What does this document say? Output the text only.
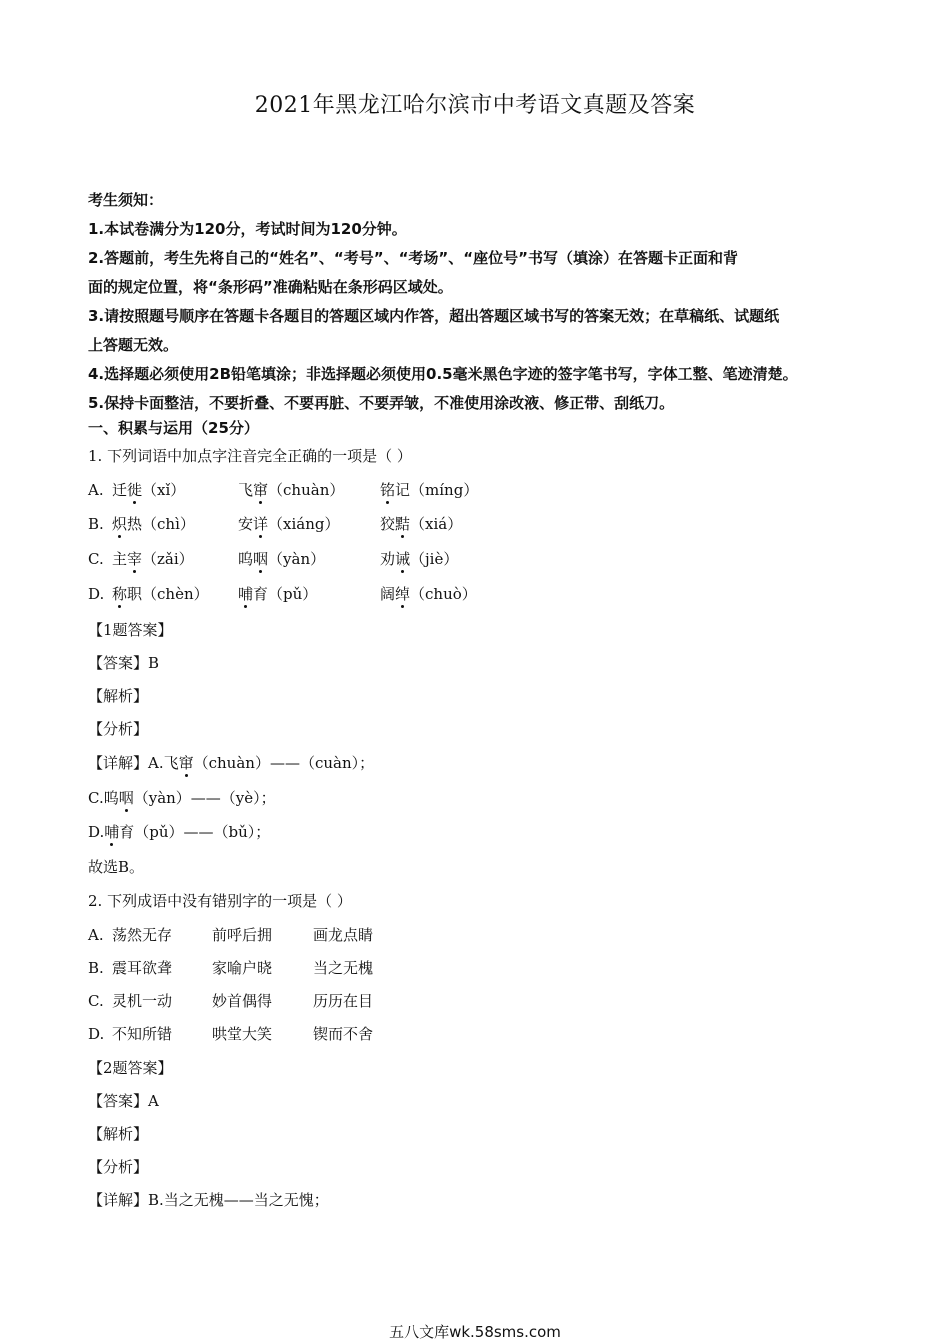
2021年黑龙江哈尔滨市中考语文真题及答案
考生须知：
1.本试卷满分为120分，考试时间为120分钟。
2.答题前，考生先将自己的“姓名”、“考号”、“考场”、“座位号”书写（填涂）在答题卡正面和背
面的规定位置，将“条形码”准确粘贴在条形码区域处。
3.请按照题号顺序在答题卡各题目的答题区域内作答，超出答题区域书写的答案无效；在草稿纸、试题纸
上答题无效。
4.选择题必须使用2B铅笔填涂；非选择题必须使用0.5毫米黑色字迹的签字笔书写，字体工整、笔迹清楚。
5.保持卡面整洁，不要折叠、不要再脏、不要弄皱，不准使用涂改液、修正带、刮纸刀。
一、积累与运用（25分）
1. 下列词语中加点字注音完全正确的一项是（ ）
A. 迁徙（xǐ）	飞窜（chuàn） 铭记（míng）
B. 炽热（chì）	安详（xiáng）	狡黠（xiá）
C. 主宰（zǎi）	呜咽（yàn）	劝诫（jiè）
D. 称职（chèn） 哺育（pǔ）	阔绰（chuò）
【1题答案】
【答案】B
【解析】
【分析】
【详解】A.飞窜（chuàn）——（cuàn）；
C.呜咽（yàn）——（yè）；
D.哺育（pǔ）——（bǔ）；
故选B。
2. 下列成语中没有错别字的一项是（ ）
A. 荡然无存	前呼后拥	画龙点睛
B. 震耳欲聋	家喻户晓	当之无槐
C. 灵机一动	妙首偶得	历历在目
D. 不知所错	哄堂大笑	锲而不舍
【2题答案】
【答案】A
【解析】
【分析】
【详解】B.当之无槐——当之无愧；
五八文库wk.58sms.com
